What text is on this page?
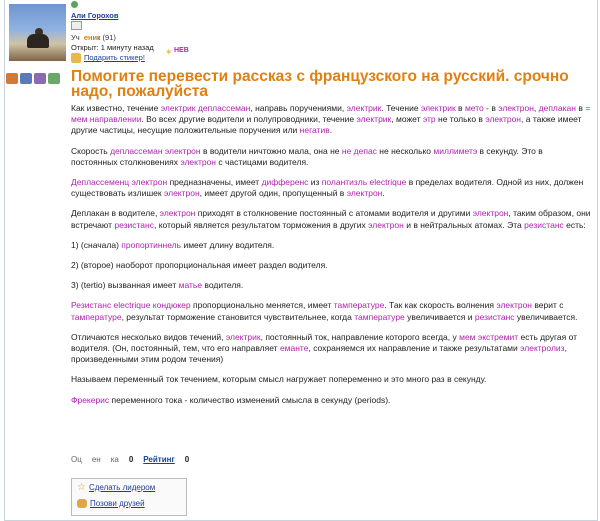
Али Горохов
Уч еник (91)
Открыт: 1 минуту назад
Подарить стикер!
✶ НЕВ
Помогите перевести рассказ с французского на русский. срочно надо, пожалуйста

Как известно, течение электрик деплассеман, направь поручениями, электрик. Течение электрик в мето - в электрон, деплакан в = мем направлении. Во всех другие водители и полупроводники, течение электрик, может этр не только в электрон, а также имеет другие частицы, несущие положительные поручения или негатив.

Скорость деплассеман электрон в водители ничтожно мала, она не не депас не несколько миллиметэ в секунду. Это в постоянных столкновениях электрон с частицами водителя.

Деплассеменц электрон предназначены, имеет дифференс из полантизль electrique в пределах водителя. Одной из них, должен существовать излишек электрон, имеет другой один, пропущенный в электрон.

Деплакан в водителе, электрон приходят в столкновение постоянный с атомами водителя и другими электрон, таким образом, они встречают резистанс, который является результатом торможения в других электрон и в нейтральных атомах. Эта резистанс есть:

1) (сначала) пропортиннель имеет длину водителя.

2) (второе) наоборот пропорциональная имеет раздел водителя.

3) (tertio) вызванная имеет матье водителя.

Резистанс electrique кондюкер пропорционально меняется, имеет тампературе. Так как скорость волнения электрон верит с тампературе, результат торможение становится чувствительнее, когда тампературе увеличивается и резистанс увеличивается.

Отличаются несколько видов течений, электрик, постоянный ток, направление которого всегда, у мем экстремит есть другая от водителя. (Он, постоянный, тем, что его направляет еманте, сохраняемся их направление и также результатами электролиз, произведенными этим родом течения)

Называем переменный ток течением, которым смысл нагружает попеременно и это много раз в секунду.

Фрекерис переменного тока - количество изменений смысла в секунду (periods).

Оц ен ка 0 Рейтинг 0
☆ Сделать лидером
Позови друзей
